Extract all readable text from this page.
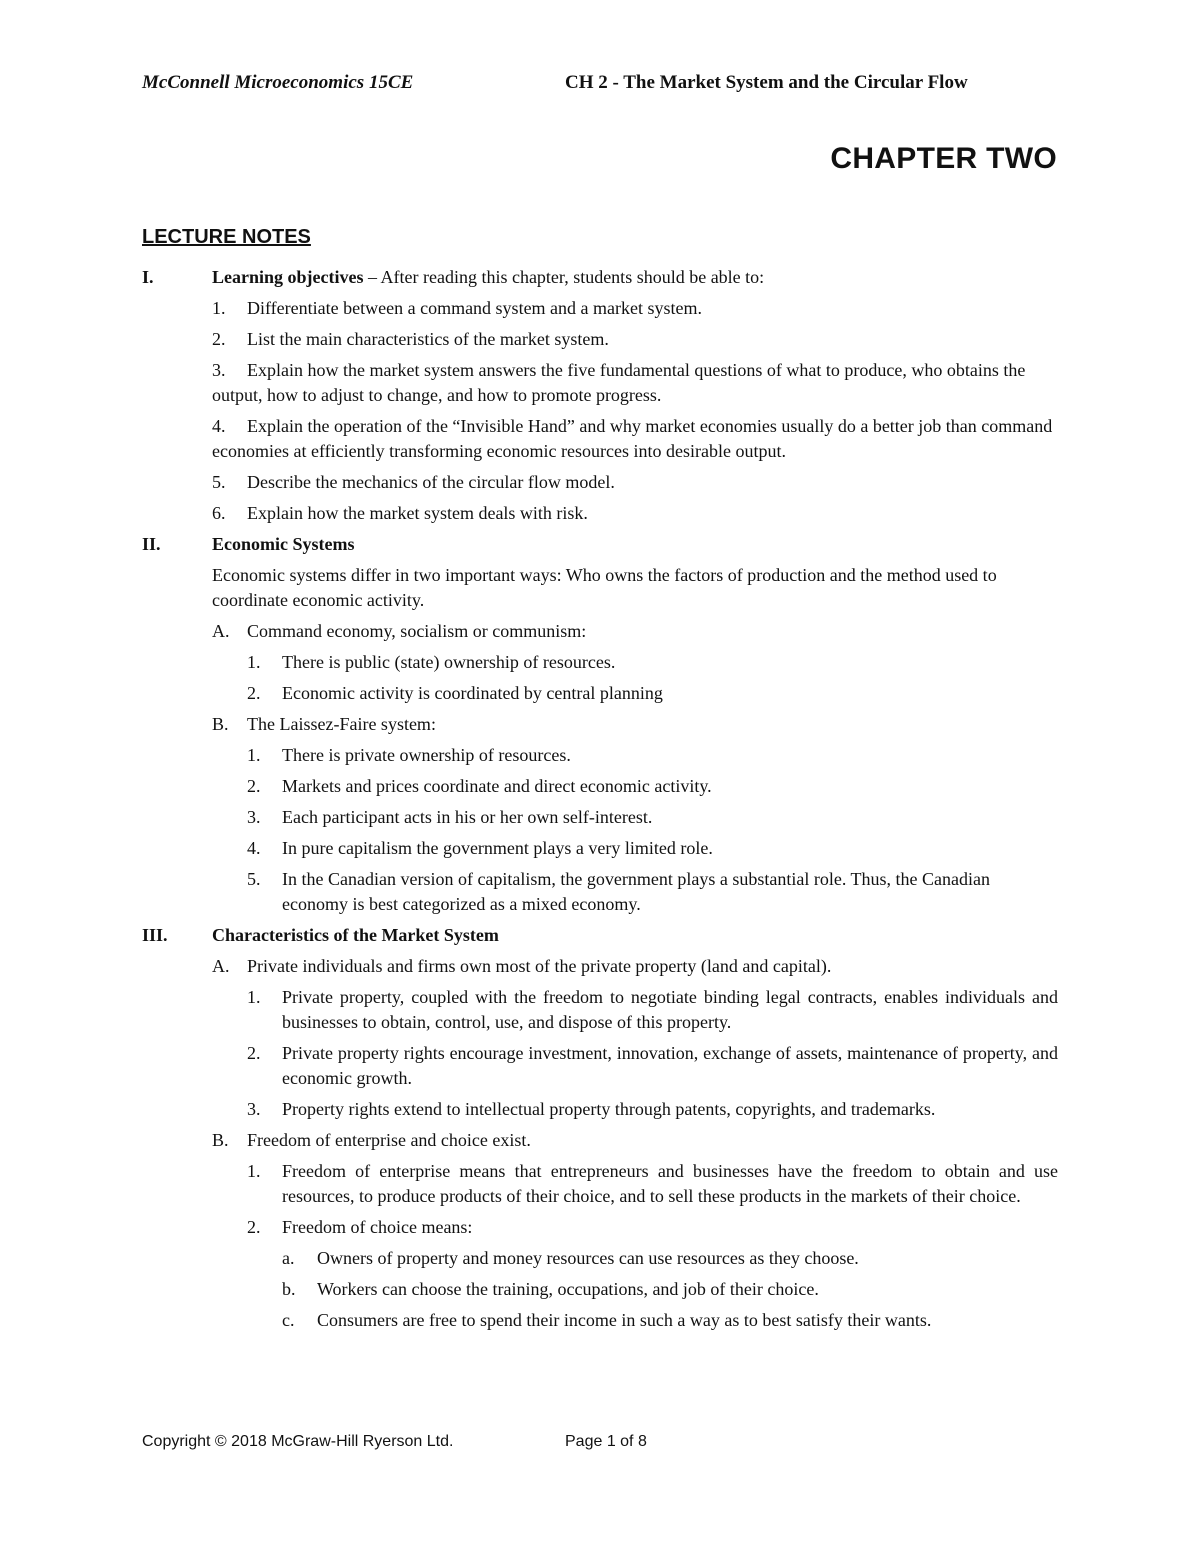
McConnell Microeconomics 15CE	CH 2 - The Market System and the Circular Flow
CHAPTER TWO
LECTURE NOTES
I.	Learning objectives – After reading this chapter, students should be able to:
1. Differentiate between a command system and a market system.
2. List the main characteristics of the market system.
3. Explain how the market system answers the five fundamental questions of what to produce, who obtains the output, how to adjust to change, and how to promote progress.
4. Explain the operation of the “Invisible Hand” and why market economies usually do a better job than command economies at efficiently transforming economic resources into desirable output.
5. Describe the mechanics of the circular flow model.
6. Explain how the market system deals with risk.
II.	Economic Systems
Economic systems differ in two important ways: Who owns the factors of production and the method used to coordinate economic activity.
A. Command economy, socialism or communism:
1. There is public (state) ownership of resources.
2. Economic activity is coordinated by central planning
B. The Laissez-Faire system:
1. There is private ownership of resources.
2. Markets and prices coordinate and direct economic activity.
3. Each participant acts in his or her own self-interest.
4. In pure capitalism the government plays a very limited role.
5. In the Canadian version of capitalism, the government plays a substantial role. Thus, the Canadian economy is best categorized as a mixed economy.
III. Characteristics of the Market System
A. Private individuals and firms own most of the private property (land and capital).
1. Private property, coupled with the freedom to negotiate binding legal contracts, enables individuals and businesses to obtain, control, use, and dispose of this property.
2. Private property rights encourage investment, innovation, exchange of assets, maintenance of property, and economic growth.
3. Property rights extend to intellectual property through patents, copyrights, and trademarks.
B. Freedom of enterprise and choice exist.
1. Freedom of enterprise means that entrepreneurs and businesses have the freedom to obtain and use resources, to produce products of their choice, and to sell these products in the markets of their choice.
2. Freedom of choice means:
a. Owners of property and money resources can use resources as they choose.
b. Workers can choose the training, occupations, and job of their choice.
c. Consumers are free to spend their income in such a way as to best satisfy their wants.
Copyright © 2018 McGraw-Hill Ryerson Ltd.	Page 1 of 8
